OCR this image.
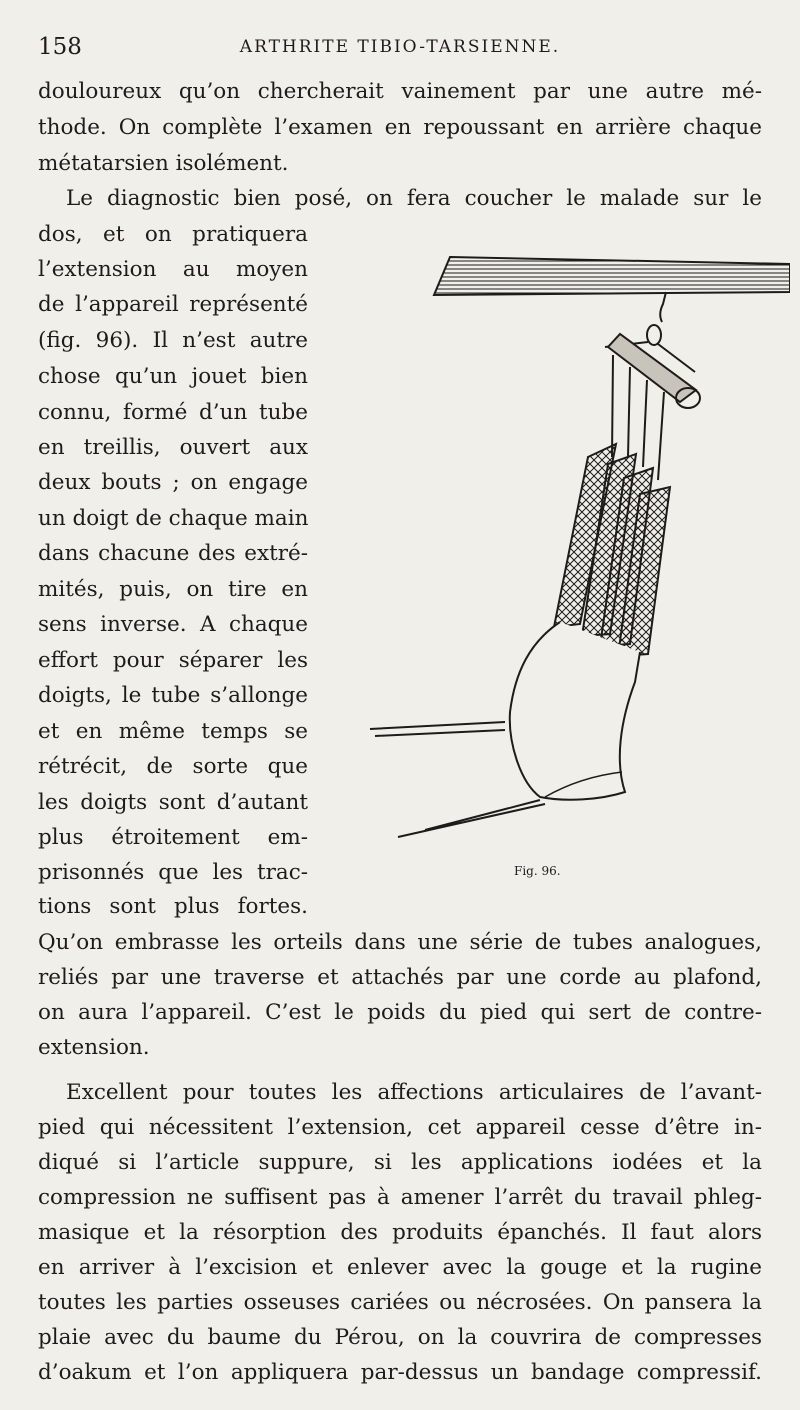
158	ARTHRITE TIBIO-TARSIENNE.
douloureux qu’on chercherait vainement par une autre mé-
thode. On complète l’examen en repoussant en arrière chaque
métatarsien isolément.
Le diagnostic bien posé, on fera coucher le malade sur le
dos, et on pratiquera
l’extension au moyen
de l’appareil représenté
(fig. 96). Il n’est autre
chose qu’un jouet bien
connu, formé d’un tube
en treillis, ouvert aux
deux bouts ; on engage
un doigt de chaque main
dans chacune des extré-
mités, puis, on tire en
sens inverse. A chaque
effort pour séparer les
doigts, le tube s’allonge
et en même temps se
rétrécit, de sorte que
les doigts sont d’autant
plus étroitement em-
prisonnés que les trac-
tions sont plus fortes.
Qu’on embrasse les orteils dans une série de tubes analogues,
reliés par une traverse et attachés par une corde au plafond,
on aura l’appareil. C’est le poids du pied qui sert de contre-
extension.
Excellent pour toutes les affections articulaires de l’avant-
pied qui nécessitent l’extension, cet appareil cesse d’être in-
diqué si l’article suppure, si les applications iodées et la
compression ne suffisent pas à amener l’arrêt du travail phleg-
masique et la résorption des produits épanchés. Il faut alors
en arriver à l’excision et enlever avec la gouge et la rugine
toutes les parties osseuses cariées ou nécrosées. On pansera la
plaie avec du baume du Pérou, on la couvrira de compresses
d’oakum et l’on appliquera par-dessus un bandage compressif.
Fig. 96.
